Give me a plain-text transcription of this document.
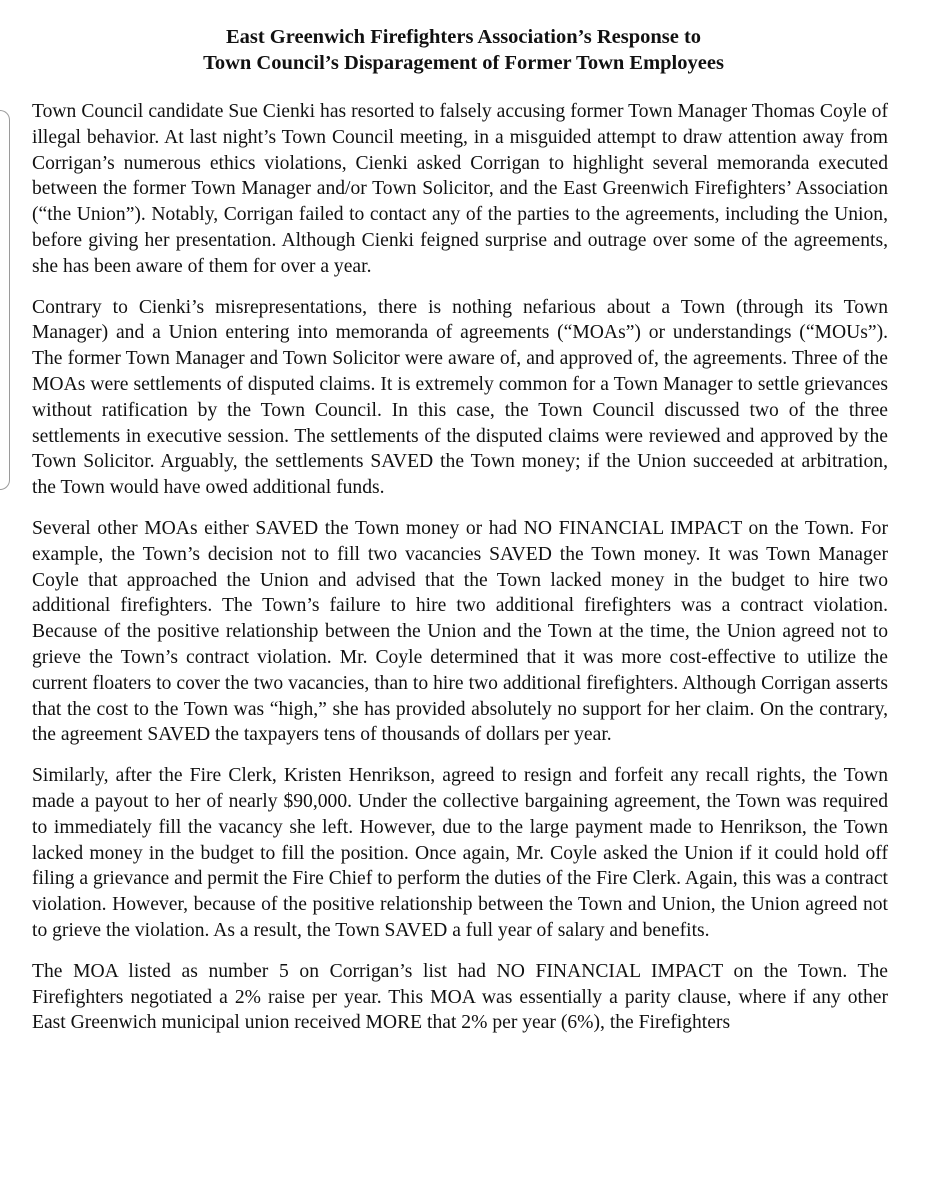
East Greenwich Firefighters Association’s Response to
Town Council’s Disparagement of Former Town Employees

Town Council candidate Sue Cienki has resorted to falsely accusing former Town Manager Thomas Coyle of illegal behavior. At last night’s Town Council meeting, in a misguided attempt to draw attention away from Corrigan’s numerous ethics violations, Cienki asked Corrigan to highlight several memoranda executed between the former Town Manager and/or Town Solicitor, and the East Greenwich Firefighters’ Association (“the Union”). Notably, Corrigan failed to contact any of the parties to the agreements, including the Union, before giving her presentation. Although Cienki feigned surprise and outrage over some of the agreements, she has been aware of them for over a year.

Contrary to Cienki’s misrepresentations, there is nothing nefarious about a Town (through its Town Manager) and a Union entering into memoranda of agreements (“MOAs”) or understandings (“MOUs”). The former Town Manager and Town Solicitor were aware of, and approved of, the agreements. Three of the MOAs were settlements of disputed claims. It is extremely common for a Town Manager to settle grievances without ratification by the Town Council. In this case, the Town Council discussed two of the three settlements in executive session. The settlements of the disputed claims were reviewed and approved by the Town Solicitor. Arguably, the settlements SAVED the Town money; if the Union succeeded at arbitration, the Town would have owed additional funds.

Several other MOAs either SAVED the Town money or had NO FINANCIAL IMPACT on the Town. For example, the Town’s decision not to fill two vacancies SAVED the Town money. It was Town Manager Coyle that approached the Union and advised that the Town lacked money in the budget to hire two additional firefighters. The Town’s failure to hire two additional firefighters was a contract violation. Because of the positive relationship between the Union and the Town at the time, the Union agreed not to grieve the Town’s contract violation. Mr. Coyle determined that it was more cost-effective to utilize the current floaters to cover the two vacancies, than to hire two additional firefighters. Although Corrigan asserts that the cost to the Town was “high,” she has provided absolutely no support for her claim. On the contrary, the agreement SAVED the taxpayers tens of thousands of dollars per year.

Similarly, after the Fire Clerk, Kristen Henrikson, agreed to resign and forfeit any recall rights, the Town made a payout to her of nearly $90,000. Under the collective bargaining agreement, the Town was required to immediately fill the vacancy she left. However, due to the large payment made to Henrikson, the Town lacked money in the budget to fill the position. Once again, Mr. Coyle asked the Union if it could hold off filing a grievance and permit the Fire Chief to perform the duties of the Fire Clerk. Again, this was a contract violation. However, because of the positive relationship between the Town and Union, the Union agreed not to grieve the violation. As a result, the Town SAVED a full year of salary and benefits.

The MOA listed as number 5 on Corrigan’s list had NO FINANCIAL IMPACT on the Town. The Firefighters negotiated a 2% raise per year. This MOA was essentially a parity clause, where if any other East Greenwich municipal union received MORE that 2% per year (6%), the Firefighters
